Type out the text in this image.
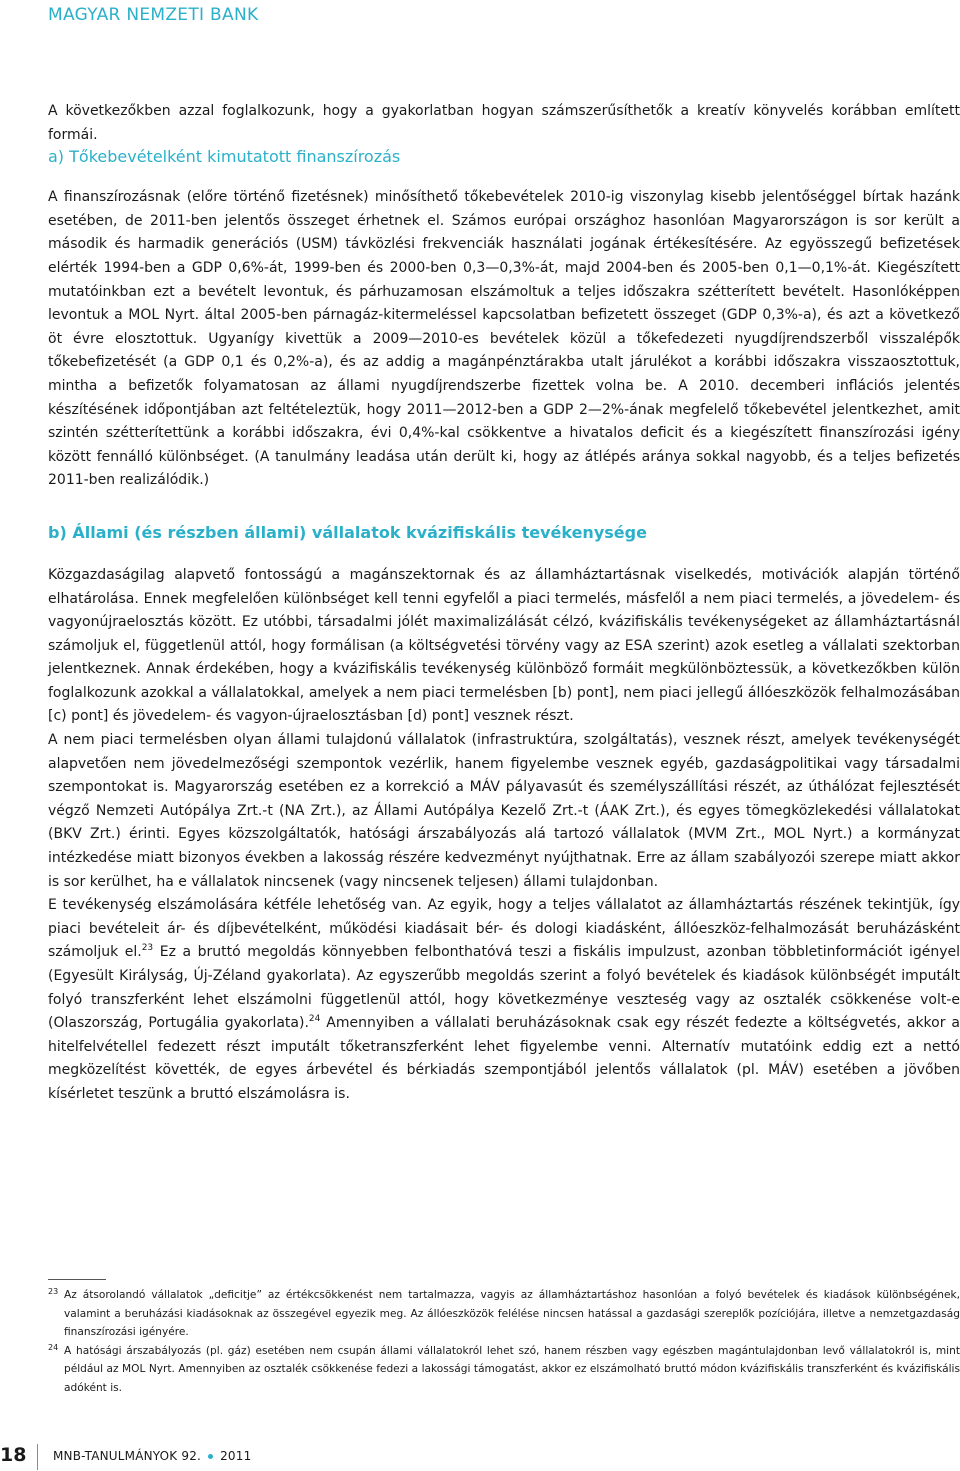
MAGYAR NEMZETI BANK

A következőkben azzal foglalkozunk, hogy a gyakorlatban hogyan számszerűsíthetők a kreatív könyvelés korábban említett formái.

a) Tőkebevételként kimutatott finanszírozás

A finanszírozásnak (előre történő fizetésnek) minősíthető tőkebevételek 2010-ig viszonylag kisebb jelentőséggel bírtak hazánk esetében, de 2011-ben jelentős összeget érhetnek el. Számos európai országhoz hasonlóan Magyarországon is sor került a második és harmadik generációs (USM) távközlési frekvenciák használati jogának értékesítésére. Az egyösszegű befizetések elérték 1994-ben a GDP 0,6%-át, 1999-ben és 2000-ben 0,3—0,3%-át, majd 2004-ben és 2005-ben 0,1—0,1%-át. Kiegészített mutatóinkban ezt a bevételt levontuk, és párhuzamosan elszámoltuk a teljes időszakra szétterített bevételt. Hasonlóképpen levontuk a MOL Nyrt. által 2005-ben párnagáz-kitermeléssel kapcsolatban befizetett összeget (GDP 0,3%-a), és azt a következő öt évre elosztottuk. Ugyanígy kivettük a 2009—2010-es bevételek közül a tőkefedezeti nyugdíjrendszerből visszalépők tőkebefizetését (a GDP 0,1 és 0,2%-a), és az addig a magánpénztárakba utalt járulékot a korábbi időszakra visszaosztottuk, mintha a befizetők folyamatosan az állami nyugdíjrendszerbe fizettek volna be. A 2010. decemberi inflációs jelentés készítésének időpontjában azt feltételeztük, hogy 2011—2012-ben a GDP 2—2%-ának megfelelő tőkebevétel jelentkezhet, amit szintén szétterítettünk a korábbi időszakra, évi 0,4%-kal csökkentve a hivatalos deficit és a kiegészített finanszírozási igény között fennálló különbséget. (A tanulmány leadása után derült ki, hogy az átlépés aránya sokkal nagyobb, és a teljes befizetés 2011-ben realizálódik.)

b) Állami (és részben állami) vállalatok kvázifiskális tevékenysége

Közgazdaságilag alapvető fontosságú a magánszektornak és az államháztartásnak viselkedés, motivációk alapján történő elhatárolása. Ennek megfelelően különbséget kell tenni egyfelől a piaci termelés, másfelől a nem piaci termelés, a jövedelem- és vagyonújraelosztás között. Ez utóbbi, társadalmi jólét maximalizálását célzó, kvázifiskális tevékenységeket az államháztartásnál számoljuk el, függetlenül attól, hogy formálisan (a költségvetési törvény vagy az ESA szerint) azok esetleg a vállalati szektorban jelentkeznek. Annak érdekében, hogy a kvázifiskális tevékenység különböző formáit megkülönböztessük, a következőkben külön foglalkozunk azokkal a vállalatokkal, amelyek a nem piaci termelésben [b) pont], nem piaci jellegű állóeszközök felhalmozásában [c) pont] és jövedelem- és vagyon-újraelosztásban [d) pont] vesznek részt.

A nem piaci termelésben olyan állami tulajdonú vállalatok (infrastruktúra, szolgáltatás), vesznek részt, amelyek tevékenységét alapvetően nem jövedelmezőségi szempontok vezérlik, hanem figyelembe vesznek egyéb, gazdaságpolitikai vagy társadalmi szempontokat is. Magyarország esetében ez a korrekció a MÁV pályavasút és személyszállítási részét, az úthálózat fejlesztését végző Nemzeti Autópálya Zrt.-t (NA Zrt.), az Állami Autópálya Kezelő Zrt.-t (ÁAK Zrt.), és egyes tömegközlekedési vállalatokat (BKV Zrt.) érinti. Egyes közszolgáltatók, hatósági árszabályozás alá tartozó vállalatok (MVM Zrt., MOL Nyrt.) a kormányzat intézkedése miatt bizonyos években a lakosság részére kedvezményt nyújthatnak. Erre az állam szabályozói szerepe miatt akkor is sor kerülhet, ha e vállalatok nincsenek (vagy nincsenek teljesen) állami tulajdonban.

E tevékenység elszámolására kétféle lehetőség van. Az egyik, hogy a teljes vállalatot az államháztartás részének tekintjük, így piaci bevételeit ár- és díjbevételként, működési kiadásait bér- és dologi kiadásként, állóeszköz-felhalmozását beruházásként számoljuk el.$^{23}$ Ez a bruttó megoldás könnyebben felbonthatóvá teszi a fiskális impulzust, azonban többletinformációt igényel (Egyesült Királyság, Új-Zéland gyakorlata). Az egyszerűbb megoldás szerint a folyó bevételek és kiadások különbségét imputált folyó transzferként lehet elszámolni függetlenül attól, hogy következménye veszteség vagy az osztalék csökkenése volt-e (Olaszország, Portugália gyakorlata).$^{24}$ Amennyiben a vállalati beruházásoknak csak egy részét fedezte a költségvetés, akkor a hitelfelvétellel fedezett részt imputált tőketranszferként lehet figyelembe venni. Alternatív mutatóink eddig ezt a nettó megközelítést követték, de egyes árbevétel és bérkiadás szempontjából jelentős vállalatok (pl. MÁV) esetében a jövőben kísérletet teszünk a bruttó elszámolásra is.

23 Az átsorolandó vállalatok „deficitje” az értékcsökkenést nem tartalmazza, vagyis az államháztartáshoz hasonlóan a folyó bevételek és kiadások különbségének, valamint a beruházási kiadásoknak az összegével egyezik meg. Az állóeszközök felélése nincsen hatással a gazdasági szereplők pozíciójára, illetve a nemzetgazdaság finanszírozási igényére.

24 A hatósági árszabályozás (pl. gáz) esetében nem csupán állami vállalatokról lehet szó, hanem részben vagy egészben magántulajdonban levő vállalatokról is, mint például az MOL Nyrt. Amennyiben az osztalék csökkenése fedezi a lakossági támogatást, akkor ez elszámolható bruttó módon kvázifiskális transzferként és kvázifiskális adóként is.

18 MNB-TANULMÁNYOK 92. 2011
